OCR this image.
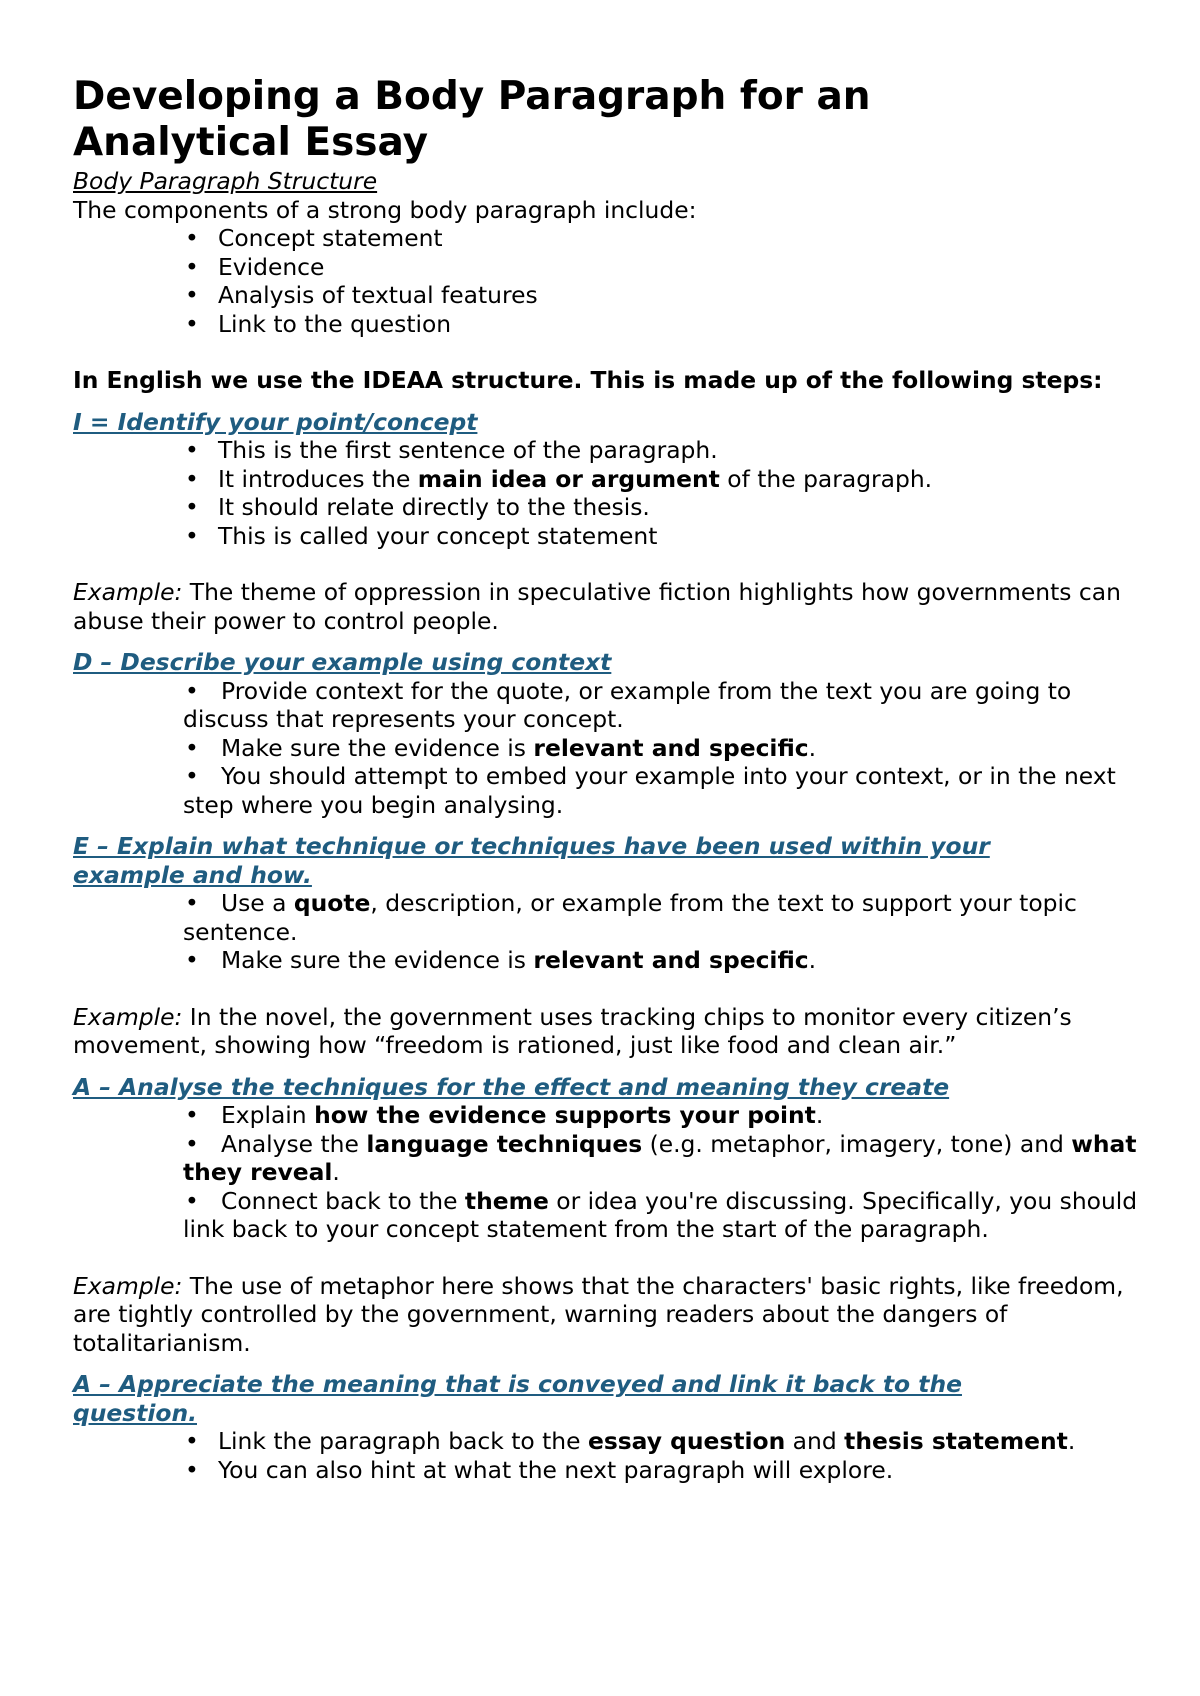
Developing a Body Paragraph for an
Analytical Essay

Body Paragraph Structure

The components of a strong body paragraph include:

• Concept statement
• Evidence
• Analysis of textual features
• Link to the question

In English we use the IDEAA structure. This is made up of the following steps:

I = Identify your point/concept

• This is the first sentence of the paragraph.
• It introduces the main idea or argument of the paragraph.
• It should relate directly to the thesis.
• This is called your concept statement

Example: The theme of oppression in speculative fiction highlights how governments can abuse their power to control people.

D – Describe your example using context

• Provide context for the quote, or example from the text you are going to discuss that represents your concept.
• Make sure the evidence is relevant and specific.
• You should attempt to embed your example into your context, or in the next step where you begin analysing.

E – Explain what technique or techniques have been used within your example and how.

• Use a quote, description, or example from the text to support your topic sentence.
• Make sure the evidence is relevant and specific.

Example: In the novel, the government uses tracking chips to monitor every citizen’s movement, showing how “freedom is rationed, just like food and clean air.”

A – Analyse the techniques for the effect and meaning they create

• Explain how the evidence supports your point.
• Analyse the language techniques (e.g. metaphor, imagery, tone) and what they reveal.
• Connect back to the theme or idea you're discussing. Specifically, you should link back to your concept statement from the start of the paragraph.

Example: The use of metaphor here shows that the characters' basic rights, like freedom, are tightly controlled by the government, warning readers about the dangers of totalitarianism.

A – Appreciate the meaning that is conveyed and link it back to the question.

• Link the paragraph back to the essay question and thesis statement.
• You can also hint at what the next paragraph will explore.
